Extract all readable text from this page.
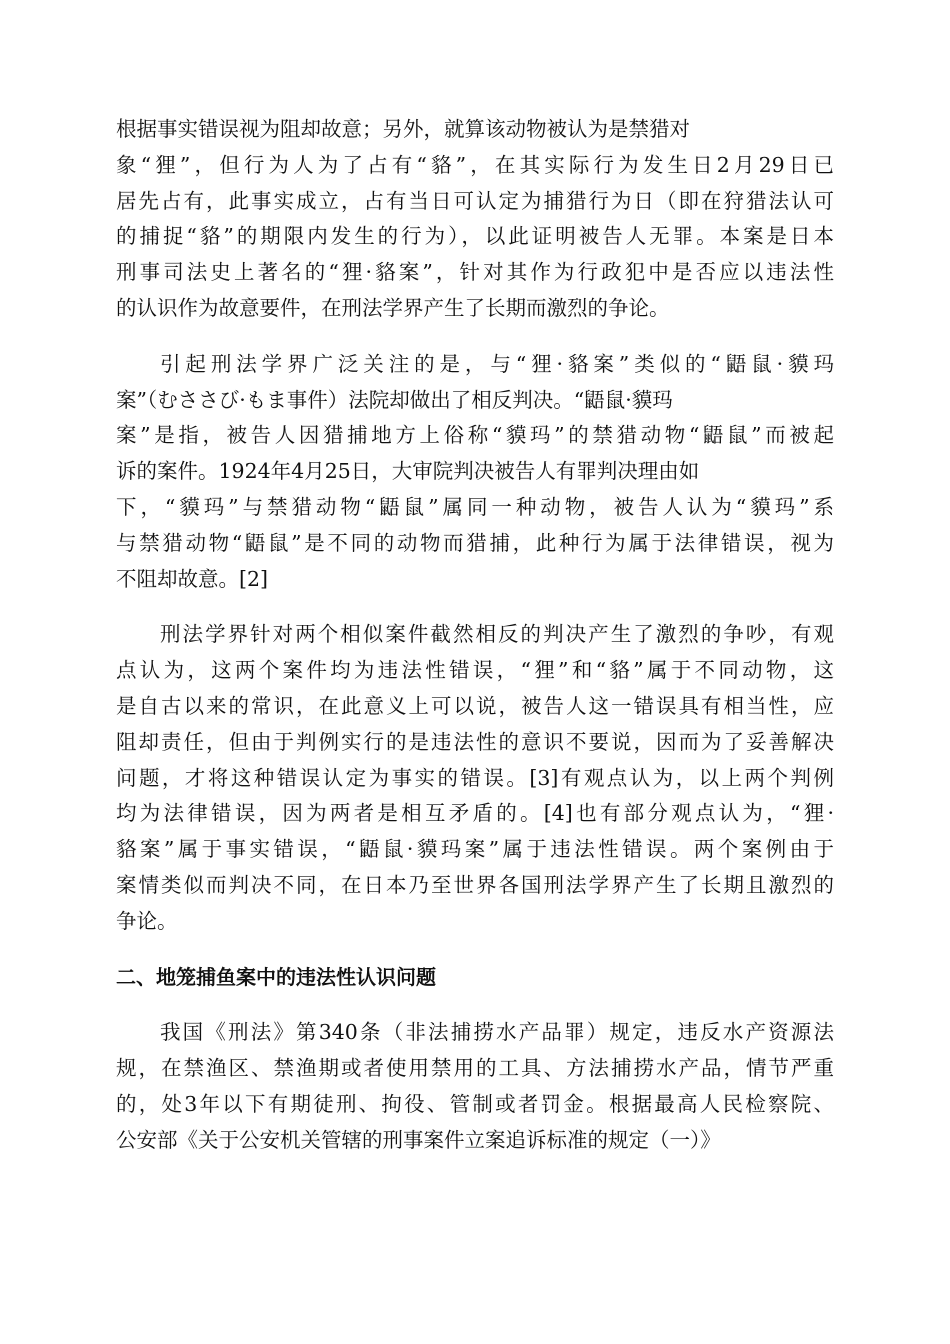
根据事实错误视为阻却故意；另外，就算该动物被认为是禁猎对
象“狸”，但行为人为了占有“貉”，在其实际行为发生日2月29日已
居先占有，此事实成立，占有当日可认定为捕猎行为日（即在狩猎法认可
的捕捉“貉”的期限内发生的行为），以此证明被告人无罪。本案是日本
刑事司法史上著名的“狸·貉案”，针对其作为行政犯中是否应以违法性
的认识作为故意要件，在刑法学界产生了长期而激烈的争论。
引起刑法学界广泛关注的是，与“狸·貉案”类似的“鼯鼠·貘玛
案”（むささび·もま事件）法院却做出了相反判决。“鼯鼠·貘玛
案”是指，被告人因猎捕地方上俗称“貘玛”的禁猎动物“鼯鼠”而被起
诉的案件。1924年4月25日，大审院判决被告人有罪判决理由如
下，“貘玛”与禁猎动物“鼯鼠”属同一种动物，被告人认为“貘玛”系
与禁猎动物“鼯鼠”是不同的动物而猎捕，此种行为属于法律错误，视为
不阻却故意。[2]
刑法学界针对两个相似案件截然相反的判决产生了激烈的争吵，有观
点认为，这两个案件均为违法性错误，“狸”和“貉”属于不同动物，这
是自古以来的常识，在此意义上可以说，被告人这一错误具有相当性，应
阻却责任，但由于判例实行的是违法性的意识不要说，因而为了妥善解决
问题，才将这种错误认定为事实的错误。[3]有观点认为，以上两个判例
均为法律错误，因为两者是相互矛盾的。[4]也有部分观点认为，“狸·
貉案”属于事实错误，“鼯鼠·貘玛案”属于违法性错误。两个案例由于
案情类似而判决不同，在日本乃至世界各国刑法学界产生了长期且激烈的
争论。
二、地笼捕鱼案中的违法性认识问题
我国《刑法》第340条（非法捕捞水产品罪）规定，违反水产资源法
规，在禁渔区、禁渔期或者使用禁用的工具、方法捕捞水产品，情节严重
的，处3年以下有期徒刑、拘役、管制或者罚金。根据最高人民检察院、
公安部《关于公安机关管辖的刑事案件立案追诉标准的规定（一）》
